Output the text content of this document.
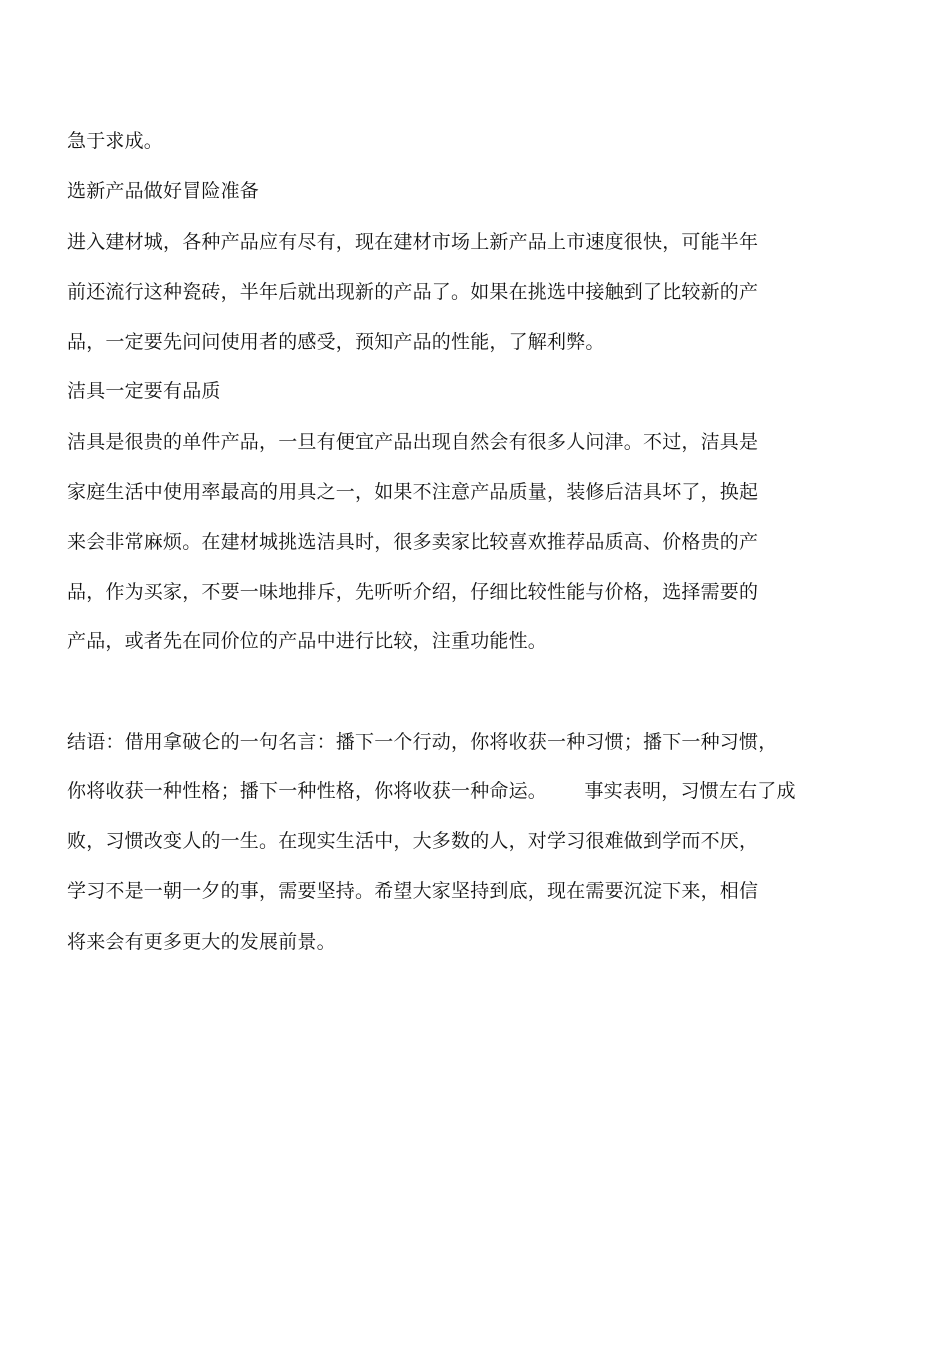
急于求成。
选新产品做好冒险准备
进入建材城，各种产品应有尽有，现在建材市场上新产品上市速度很快，可能半年
前还流行这种瓷砖，半年后就出现新的产品了。如果在挑选中接触到了比较新的产
品，一定要先问问使用者的感受，预知产品的性能，了解利弊。
洁具一定要有品质
洁具是很贵的单件产品，一旦有便宜产品出现自然会有很多人问津。不过，洁具是
家庭生活中使用率最高的用具之一，如果不注意产品质量，装修后洁具坏了，换起
来会非常麻烦。在建材城挑选洁具时，很多卖家比较喜欢推荐品质高、价格贵的产
品，作为买家，不要一味地排斥，先听听介绍，仔细比较性能与价格，选择需要的
产品，或者先在同价位的产品中进行比较，注重功能性。
结语：借用拿破仑的一句名言：播下一个行动，你将收获一种习惯；播下一种习惯，
你将收获一种性格；播下一种性格，你将收获一种命运。      事实表明，习惯左右了成
败，习惯改变人的一生。在现实生活中，大多数的人，对学习很难做到学而不厌，
学习不是一朝一夕的事，需要坚持。希望大家坚持到底，现在需要沉淀下来，相信
将来会有更多更大的发展前景。
